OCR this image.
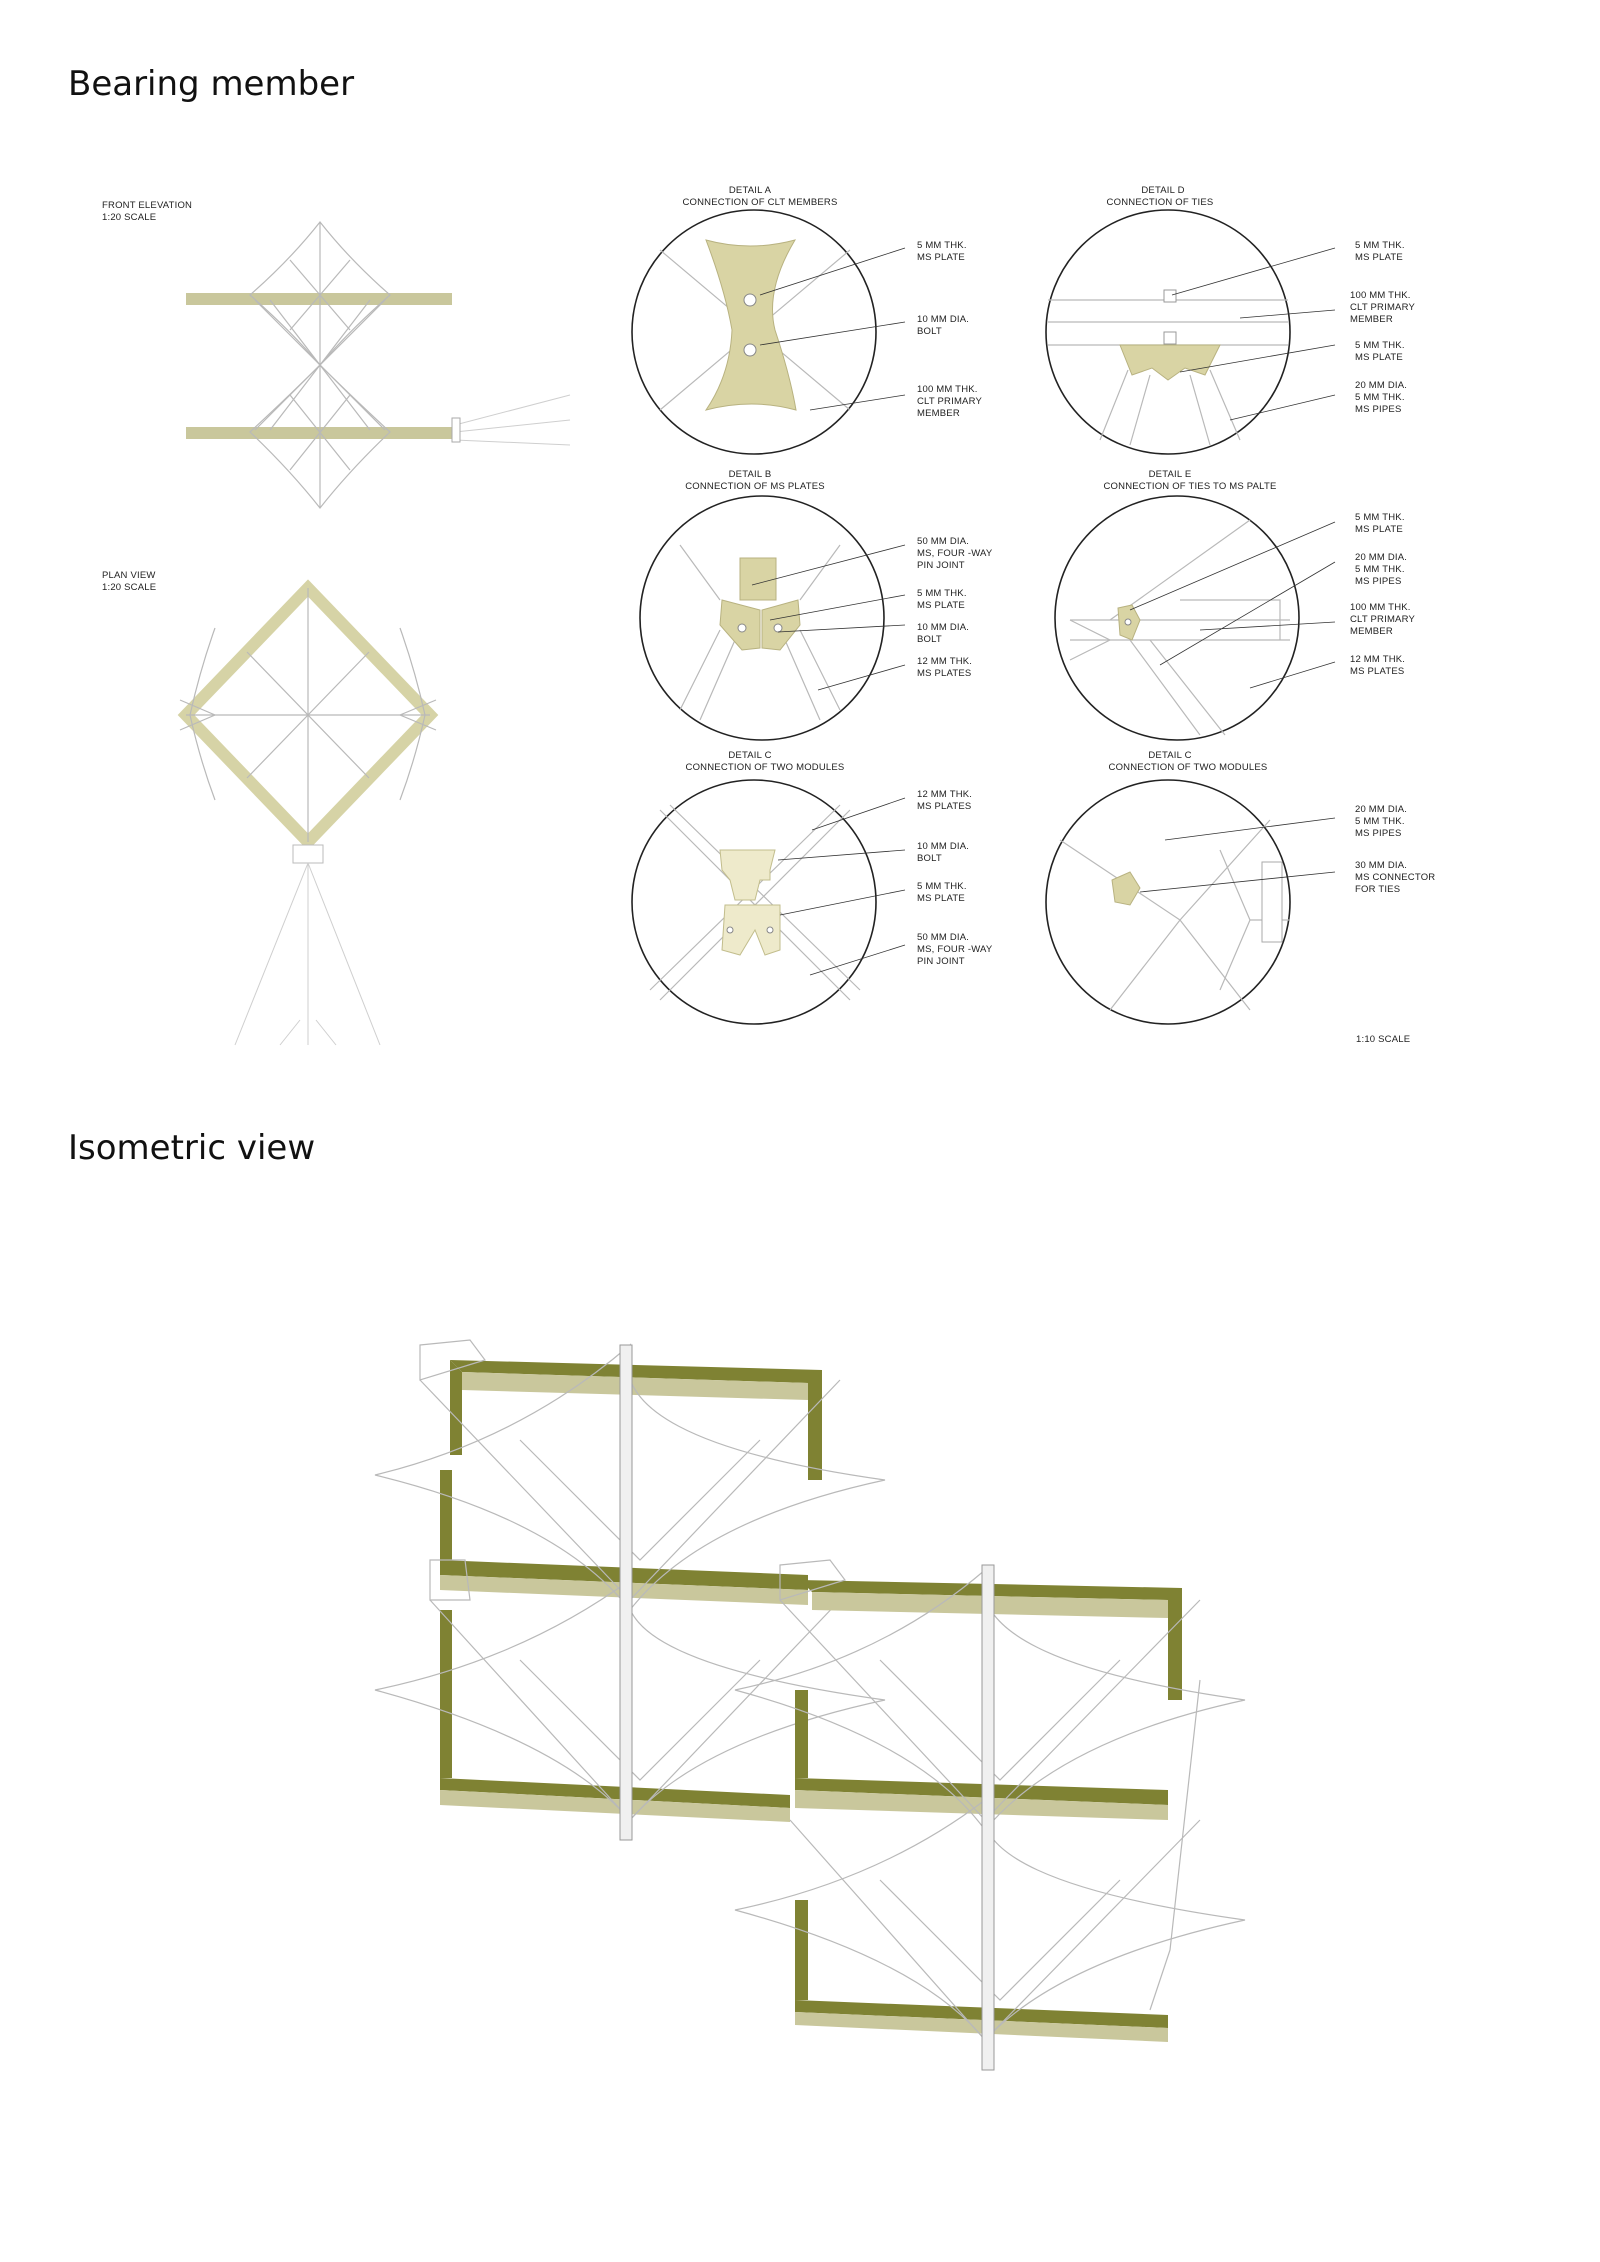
Bearing member
Isometric view
FRONT ELEVATION
1:20 SCALE
PLAN VIEW
1:20 SCALE
DETAIL A
CONNECTION OF CLT MEMBERS
5 MM THK.
MS PLATE
10 MM DIA.
BOLT
100 MM THK.
CLT PRIMARY
MEMBER
DETAIL D
CONNECTION OF TIES
5 MM THK.
MS PLATE
100 MM THK.
CLT PRIMARY
MEMBER
5 MM THK.
MS PLATE
20 MM DIA.
5 MM THK.
MS PIPES
DETAIL B
CONNECTION OF MS PLATES
50 MM DIA.
MS, FOUR -WAY
PIN JOINT
5 MM THK.
MS PLATE
10 MM DIA.
BOLT
12 MM THK.
MS PLATES
DETAIL E
CONNECTION OF TIES TO MS PALTE
5 MM THK.
MS PLATE
20 MM DIA.
5 MM THK.
MS PIPES
100 MM THK.
CLT PRIMARY
MEMBER
12 MM THK.
MS PLATES
DETAIL C
CONNECTION OF TWO MODULES
12 MM THK.
MS PLATES
10 MM DIA.
BOLT
5 MM THK.
MS PLATE
50 MM DIA.
MS, FOUR -WAY
PIN JOINT
DETAIL C
CONNECTION OF TWO MODULES
20 MM DIA.
5 MM THK.
MS PIPES
30 MM DIA.
MS CONNECTOR
FOR TIES
1:10 SCALE
